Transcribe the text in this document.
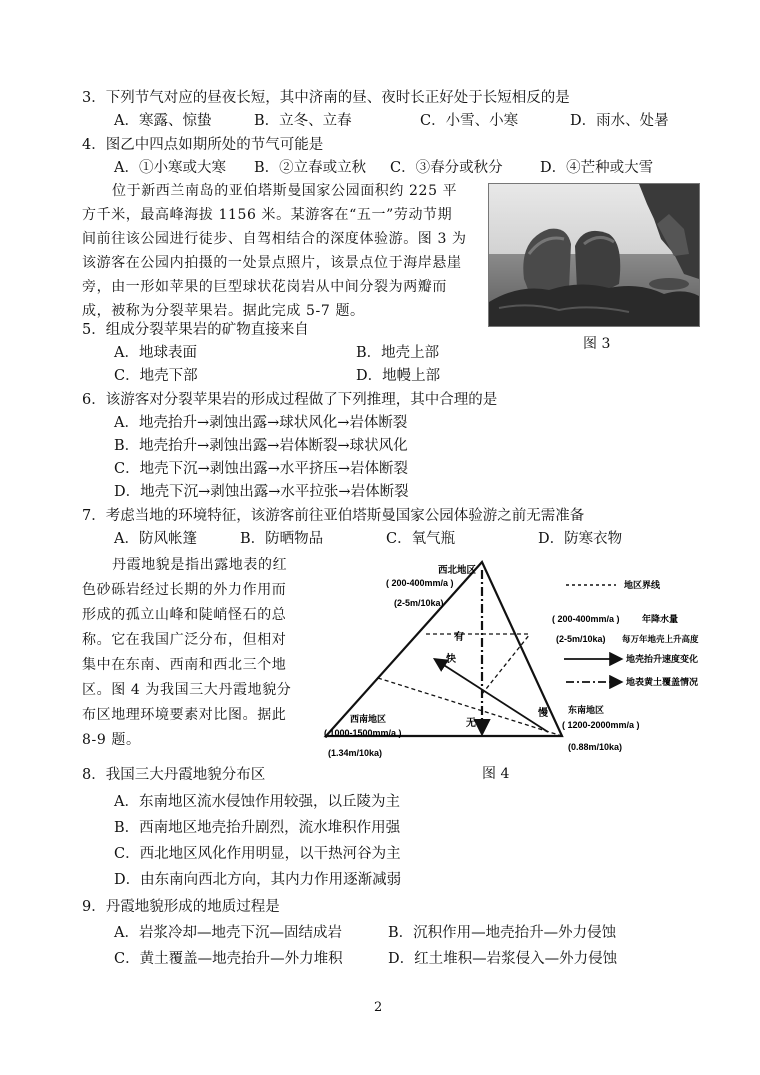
3．下列节气对应的昼夜长短，其中济南的昼、夜时长正好处于长短相反的是
A．寒露、惊蛰	B．立冬、立春	C．小雪、小寒	D．雨水、处暑
4．图乙中四点如期所处的节气可能是
A．①小寒或大寒 B．②立春或立秋 C．③春分或秋分	D．④芒种或大雪
位于新西兰南岛的亚伯塔斯曼国家公园面积约 225 平
方千米，最高峰海拔 1156 米。某游客在“五一”劳动节期
间前往该公园进行徒步、自驾相结合的深度体验游。图 3 为
该游客在公园内拍摄的一处景点照片，该景点位于海岸悬崖
旁，由一形如苹果的巨型球状花岗岩从中间分裂为两瓣而
成，被称为分裂苹果岩。据此完成 5-7 题。
图 3
5．组成分裂苹果岩的矿物直接来自
A．地球表面	B．地壳上部
C．地壳下部	D．地幔上部
6．该游客对分裂苹果岩的形成过程做了下列推理，其中合理的是
A．地壳抬升→剥蚀出露→球状风化→岩体断裂
B．地壳抬升→剥蚀出露→岩体断裂→球状风化
C．地壳下沉→剥蚀出露→水平挤压→岩体断裂
D．地壳下沉→剥蚀出露→水平拉张→岩体断裂
7．考虑当地的环境特征，该游客前往亚伯塔斯曼国家公园体验游之前无需准备
A．防风帐篷	B．防晒物品	C．氧气瓶	D．防寒衣物
丹霞地貌是指出露地表的红
色砂砾岩经过长期的外力作用而
形成的孤立山峰和陡峭怪石的总
称。它在我国广泛分布，但相对
集中在东南、西南和西北三个地
区。图 4 为我国三大丹霞地貌分
布区地理环境要素对比图。据此
8-9 题。
有
无
快
慢
西北地区
( 200-400mm/a )
(2-5m/10ka)
西南地区
( 1000-1500mm/a )
(1.34m/10ka)
东南地区
( 1200-2000mm/a )
(0.88m/10ka)
地区界线
( 200-400mm/a ) 年降水量
(2-5m/10ka) 每万年地壳上升高度
地壳抬升速度变化
地表黄土覆盖情况
图 4
8．我国三大丹霞地貌分布区
A．东南地区流水侵蚀作用较强，以丘陵为主
B．西南地区地壳抬升剧烈，流水堆积作用强
C．西北地区风化作用明显，以干热河谷为主
D．由东南向西北方向，其内力作用逐渐减弱
9．丹霞地貌形成的地质过程是
A．岩浆冷却—地壳下沉—固结成岩	B．沉积作用—地壳抬升—外力侵蚀
C．黄土覆盖—地壳抬升—外力堆积	D．红土堆积—岩浆侵入—外力侵蚀
2
